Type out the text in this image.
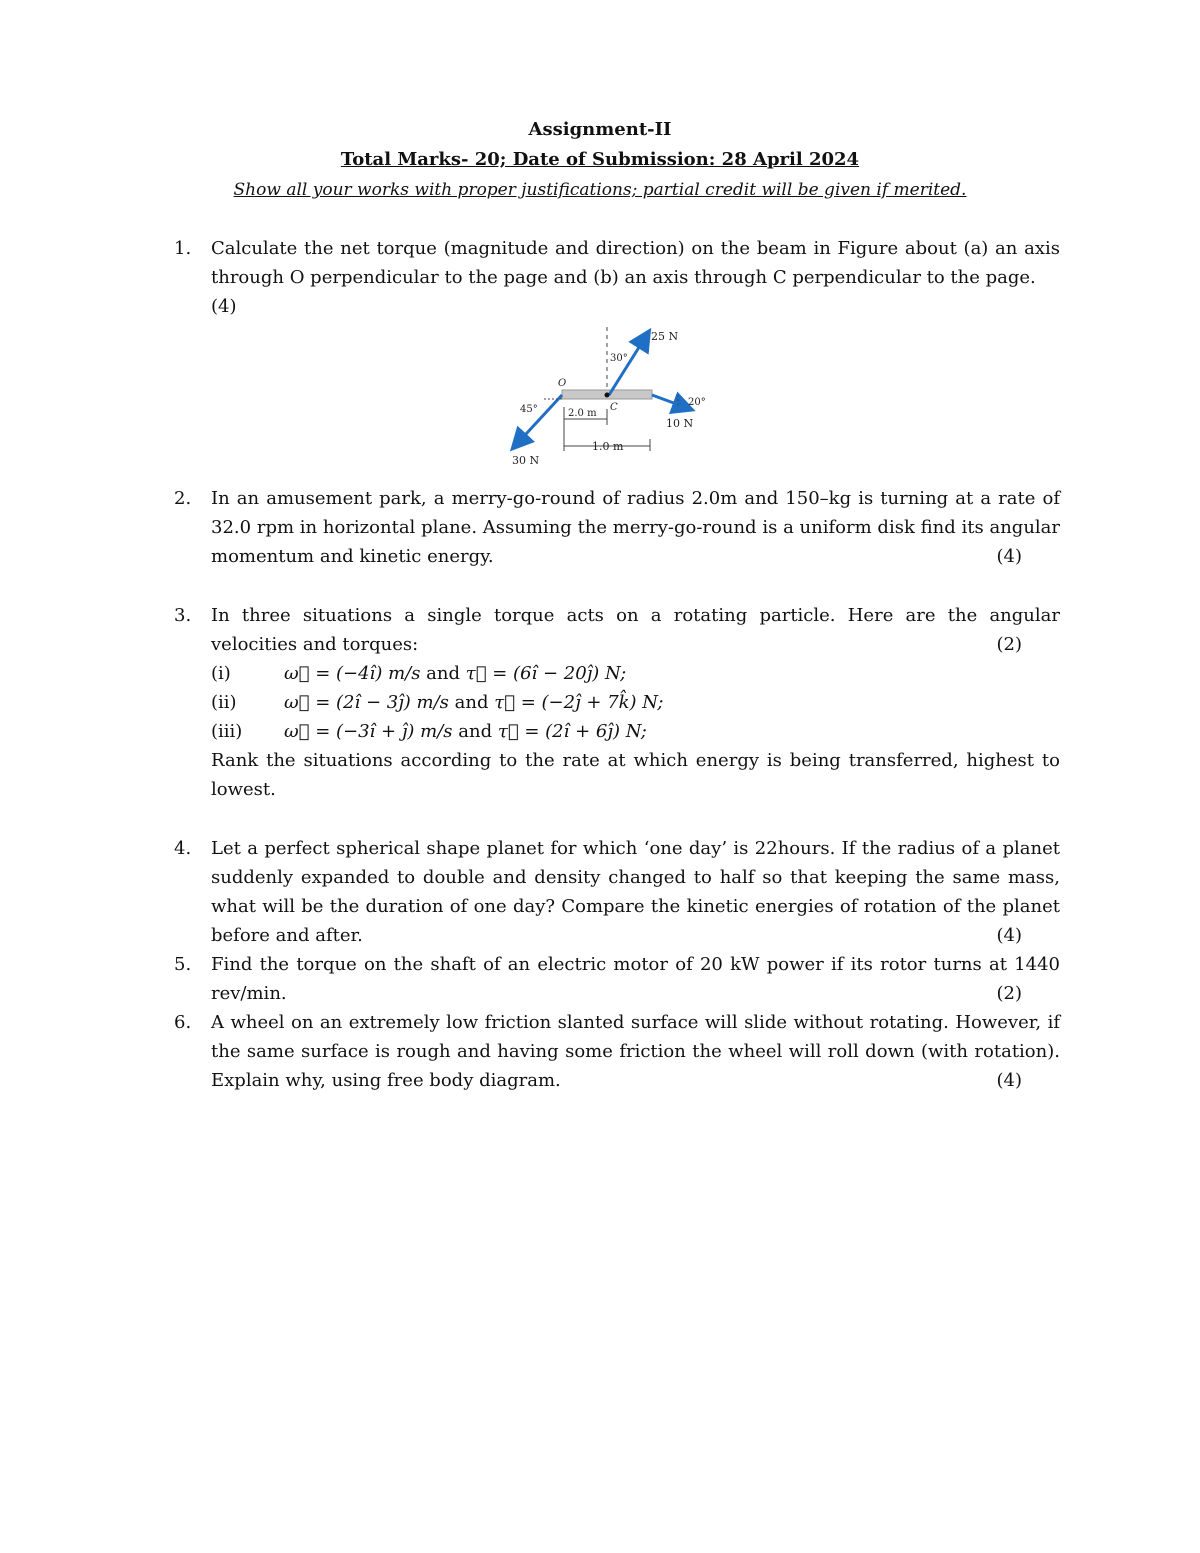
Assignment-II
Total Marks- 20; Date of Submission: 28 April 2024
Show all your works with proper justifications; partial credit will be given if merited.
1.	Calculate the net torque (magnitude and direction) on the beam in Figure about (a) an axis through O perpendicular to the page and (b) an axis through C perpendicular to the page.

(4)

25 N
30°
O
C
45°	2.0 m
20°
10 N
1.0 m
30 N
2.	In an amusement park, a merry-go-round of radius 2.0m and 150–kg is turning at a rate of 32.0 rpm in horizontal plane. Assuming the merry-go-round is a uniform disk find its angular momentum and kinetic energy.	(4)

3.	In three situations a single torque acts on a rotating particle. Here are the angular velocities and torques:	(2)

(i)	ω⃗ = (−4î) m/s and τ⃗ = (6î − 20ĵ) N;
(ii)	ω⃗ = (2î − 3ĵ) m/s and τ⃗ = (−2ĵ + 7k̂) N;
(iii)	ω⃗ = (−3î + ĵ) m/s and τ⃗ = (2î + 6ĵ) N;

Rank the situations according to the rate at which energy is being transferred, highest to lowest.

4.	Let a perfect spherical shape planet for which ‘one day’ is 22hours. If the radius of a planet suddenly expanded to double and density changed to half so that keeping the same mass, what will be the duration of one day? Compare the kinetic energies of rotation of the planet before and after.	(4)

5.	Find the torque on the shaft of an electric motor of 20 kW power if its rotor turns at 1440 rev/min.	(2)

6.	A wheel on an extremely low friction slanted surface will slide without rotating. However, if the same surface is rough and having some friction the wheel will roll down (with rotation). Explain why, using free body diagram.	(4)
